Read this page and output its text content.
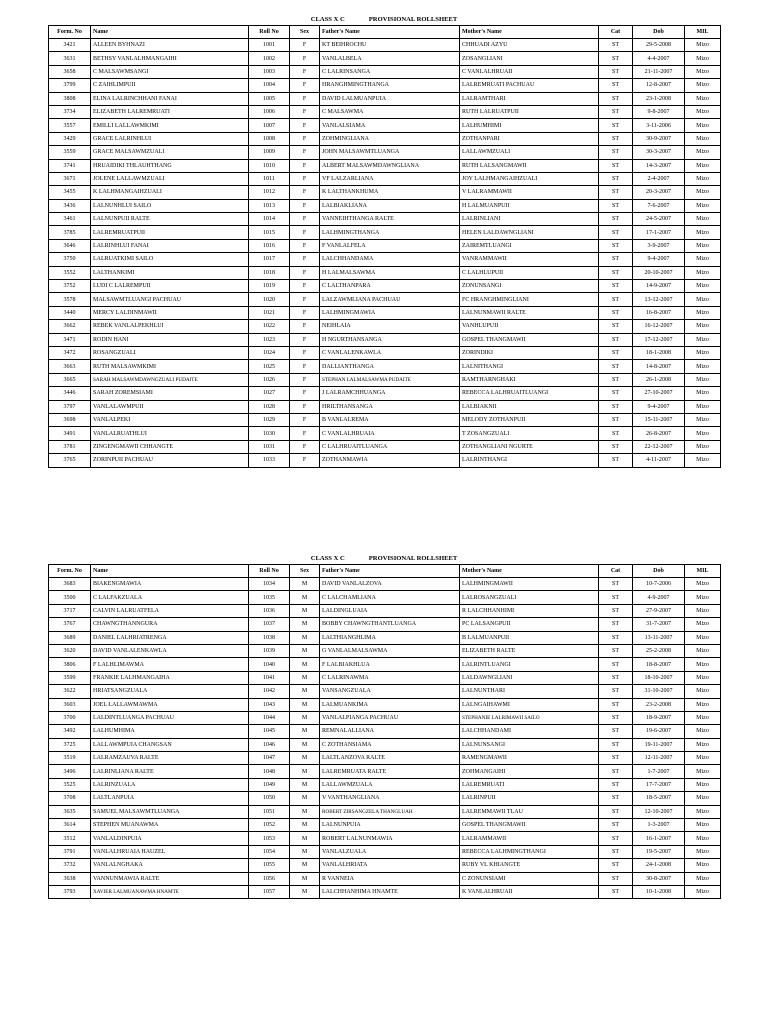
CLASS X C	PROVISIONAL ROLLSHEET
Form. No	Name	Roll No	Sex	Father's Name	Mother's Name	Cat	Dob	MIL
3421	ALLEEN BYHNAZI	1001	F	KT BEIHROCHU	CHHUADI AZYU	ST	29-5-2008	Mizo
3631	BETHSY VANLALHMANGAIHI	1002	F	VANLALBELA	ZOSANGLIANI	ST	4-4-2007	Mizo
3658	C MALSAWMSANGI	1003	F	C LALRINSANGA	C VANLALHRUAII	ST	21-11-2007	Mizo
3799	C ZAIHLIMPUII	1004	F	HRANGHMINGTHANGA	LALREMRUATI PACHUAU	ST	12-8-2007	Mizo
3808	ELINA LALRINCHHANI FANAI	1005	F	DAVID LALMUANPUIA	LALRAMTHARI	ST	23-1-2008	Mizo
3734	ELIZABETH LALREMRUATI	1006	F	C MALSAWMA	RUTH LALRUATPUII	ST	9-8-2007	Mizo
3557	EMILLI LALLAWMKIMI	1007	F	VANLALSIAMA	LALHUMHIMI	ST	3-11-2006	Mizo
3429	GRACE LALRINHLUI	1008	F	ZOHMINGLIANA	ZOTHANPARI	ST	30-9-2007	Mizo
3559	GRACE MALSAWMZUALI	1009	F	JOHN MALSAWMTLUANGA	LALLAWMZUALI	ST	30-3-2007	Mizo
3741	HRUAIDIKI THLAUHTHANG	1010	F	ALBERT MALSAWMDAWNGLIANA	RUTH LALSANGMAWII	ST	14-3-2007	Mizo
3671	JOLENE LALLAWMZUALI	1011	F	VF LALZARLIANA	JOY LALHMANGAIHZUALI	ST	2-4-2007	Mizo
3455	K LALHMANGAIHZUALI	1012	F	K LALTHANKHUMA	V LALRAMMAWII	ST	20-3-2007	Mizo
3436	LALNUNHLUI SAILO	1013	F	LALBIAKLIANA	H LALMUANPUII	ST	7-6-2007	Mizo
3461	LALNUNPUII RALTE	1014	F	VANNEIHTHANGA RALTE	LALRINLIANI	ST	24-5-2007	Mizo
3785	LALREMRUATPUII	1015	F	LALHMINGTHANGA	HELEN LALDAWNGLIANI	ST	17-1-2007	Mizo
3646	LALRINHLUI FANAI	1016	F	F VANLALFELA	ZAIREMTLUANGI	ST	3-9-2007	Mizo
3750	LALRUATKIMI SAILO	1017	F	LALCHHANDAMA	VANRAMMAWII	ST	9-4-2007	Mizo
3552	LALTHANKIMI	1018	F	H LALMALSAWMA	C LALHLUPUII	ST	20-10-2007	Mizo
3752	LUDI C LALREMPUII	1019	F	C LALTHANPARA	ZONUNSANGI	ST	14-9-2007	Mizo
3578	MALSAWMTLUANGI PACHUAU	1020	F	LALZAWMLIANA PACHUAU	FC HRANGHMINGLIANI	ST	13-12-2007	Mizo
3440	MERCY LALDINMAWII	1021	F	LALHMINGMAWIA	LALNUNMAWII RALTE	ST	16-8-2007	Mizo
3662	REBEK VANLALPEKHLUI	1022	F	NEIHLAIA	VANHLUPUII	ST	16-12-2007	Mizo
3471	RODIN HANI	1023	F	H NGURTHANSANGA	GOSPEL THANGMAWII	ST	17-12-2007	Mizo
3472	ROSANGZUALI	1024	F	C VANLALENKAWLA	ZORINDIKI	ST	18-1-2008	Mizo
3663	RUTH MALSAWMKIMI	1025	F	DALLIANTHANGA	LALNITHANGI	ST	14-8-2007	Mizo
3665	SARAH MALSAWMDAWNGZUALI PUDAITE	1026	F	STEPHAN LALMALSAWMA PUDAITE	RAMTHARNGHAKI	ST	26-1-2008	Mizo
3446	SARAH ZOREMSIAMI	1027	F	J LALRAMCHHUANGA	REBECCA LALHRUAITLUANGI	ST	27-10-2007	Mizo
3797	VANLALAWMPUII	1028	F	HRILTHANSANGA	LALBIAKNII	ST	9-4-2007	Mizo
3698	VANLALPEKI	1029	F	B VANLALREMA	MELODY ZOTHANPUII	ST	15-11-2007	Mizo
3491	VANLALRUATHLUI	1030	F	C VANLALHRUAIA	T ZOSANGZUALI	ST	26-8-2007	Mizo
3781	ZINGENGMAWII CHHANGTE	1031	F	C LALHRUAITLUANGA	ZOTHANGLIANI NGURTE	ST	22-12-2007	Mizo
3765	ZORINPUII PACHUAU	1033	F	ZOTHANMAWIA	LALRINTHANGI	ST	4-11-2007	Mizo
CLASS X C	PROVISIONAL ROLLSHEET
Form. No	Name	Roll No	Sex	Father's Name	Mother's Name	Cat	Dob	MIL
3683	BIAKENGMAWIA	1034	M	DAVID VANLALZOVA	LALHMINGMAWII	ST	10-7-2006	Mizo
3500	C LALFAKZUALA	1035	M	C LALCHAMLIANA	LALROSANGZUALI	ST	4-9-2007	Mizo
3717	CALVIN LALRUATFELA	1036	M	LALDINGLUAIA	R LALCHHANHIMI	ST	27-9-2007	Mizo
3767	CHAWNGTHANNGURA	1037	M	BOBBY CHAWNGTHANTLUANGA	PC LALSANGPUII	ST	31-7-2007	Mizo
3689	DANIEL LALHRIATRENGA	1038	M	LALTHIANGHLIMA	B LALMUANPUII	ST	13-11-2007	Mizo
3620	DAVID VANLALENKAWLA	1039	M	G VANLALMALSAWMA	ELIZABETH RALTE	ST	25-2-2008	Mizo
3806	F LALHLIMAWMA	1040	M	F LALBIAKHLUA	LALRINTLUANGI	ST	18-8-2007	Mizo
3599	FRANKIE LALHMANGAIHA	1041	M	C LALRINAWMA	LALDAWNGLIANI	ST	18-10-2007	Mizo
3622	HRIATSANGZUALA	1042	M	VANSANGZUALA	LALNUNTHARI	ST	31-10-2007	Mizo
3603	JOEL LALLAWMAWMA	1043	M	LALMUANKIMA	LALNGAIHAWMI	ST	23-2-2008	Mizo
3700	LALDINTLUANGA PACHUAU	1044	M	VANLALPIANGA PACHUAU	STEPHANIE LALRIMAWII SAILO	ST	18-9-2007	Mizo
3492	LALHUMHIMA	1045	M	REMNALALLIANA	LALCHHANDAMI	ST	19-6-2007	Mizo
3725	LALLAWMPUIA CHANGSAN	1046	M	C ZOTHANSIAMA	LALNUNSANGI	ST	19-11-2007	Mizo
3519	LALRAMZAUVA RALTE	1047	M	LALTLANZOVA RALTE	RAMENGMAWII	ST	12-11-2007	Mizo
3496	LALRINLIANA RALTE	1048	M	LALREMRUATA RALTE	ZOHMANGAIHI	ST	1-7-2007	Mizo
3525	LALRINZUALA	1049	M	LALLAWMZUALA	LALREMRUATI	ST	17-7-2007	Mizo
3708	LALTLANPUIA	1050	M	V VANTHANGLIANA	LALRINPUII	ST	18-5-2007	Mizo
3635	SAMUEL MALSAWMTLUANGA	1051	M	ROBERT ZIRSANGZELA THANGLUAH	LALREMMAWII TLAU	ST	12-10-2007	Mizo
3614	STEPHEN MUANAWMA	1052	M	LALNUNPUIA	GOSPEL THANGMAWII	ST	1-3-2007	Mizo
3512	VANLALDINPUIA	1053	M	ROBERT LALNUNMAWIA	LALRAMMAWII	ST	16-1-2007	Mizo
3791	VANLALHRUAIA HAUZEL	1054	M	VANLALZUALA	REBECCA LALHMINGTHANGI	ST	19-5-2007	Mizo
3732	VANLALNGHAKA	1055	M	VANLALHRIATA	RUBY VL KHIANGTE	ST	24-1-2008	Mizo
3638	VANNUNMAWIA RALTE	1056	M	R VANNEIA	C ZONUNSIAMI	ST	30-8-2007	Mizo
3793	XAVIER LALMUANAWMA HNAMTE	1057	M	LALCHHANHIMA HNAMTE	K VANLALHRUAII	ST	10-1-2008	Mizo
